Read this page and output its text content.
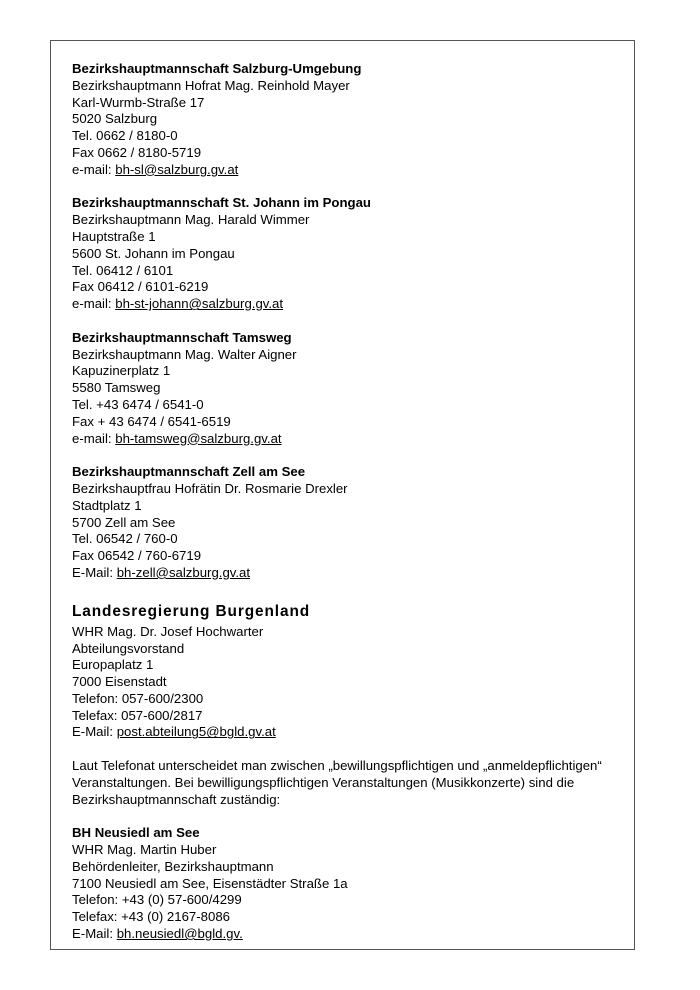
Bezirkshauptmannschaft Salzburg-Umgebung
Bezirkshauptmann Hofrat Mag. Reinhold Mayer
Karl-Wurmb-Straße 17
5020 Salzburg
Tel. 0662 / 8180-0
Fax 0662 / 8180-5719
e-mail: bh-sl@salzburg.gv.at
Bezirkshauptmannschaft St. Johann im Pongau
Bezirkshauptmann Mag. Harald Wimmer
Hauptstraße 1
5600 St. Johann im Pongau
Tel. 06412 / 6101
Fax 06412 / 6101-6219
e-mail: bh-st-johann@salzburg.gv.at
Bezirkshauptmannschaft Tamsweg
Bezirkshauptmann Mag. Walter Aigner
Kapuzinerplatz 1
5580 Tamsweg
Tel. +43 6474 / 6541-0
Fax + 43 6474 / 6541-6519
e-mail: bh-tamsweg@salzburg.gv.at
Bezirkshauptmannschaft Zell am See
Bezirkshauptfrau Hofrätin Dr. Rosmarie Drexler
Stadtplatz 1
5700 Zell am See
Tel. 06542 / 760-0
Fax 06542 / 760-6719
E-Mail: bh-zell@salzburg.gv.at
Landesregierung Burgenland
WHR Mag. Dr. Josef Hochwarter
Abteilungsvorstand
Europaplatz 1
7000 Eisenstadt
Telefon: 057-600/2300
Telefax: 057-600/2817
E-Mail: post.abteilung5@bgld.gv.at
Laut Telefonat unterscheidet man zwischen „bewillungspflichtigen und „anmeldepflichtigen“
Veranstaltungen. Bei bewilligungspflichtigen Veranstaltungen (Musikkonzerte) sind die
Bezirkshauptmannschaft zuständig:
BH Neusiedl am See
WHR Mag. Martin Huber
Behördenleiter, Bezirkshauptmann
7100 Neusiedl am See, Eisenstädter Straße 1a
Telefon: +43 (0) 57-600/4299
Telefax: +43 (0) 2167-8086
E-Mail: bh.neusiedl@bgld.gv.
